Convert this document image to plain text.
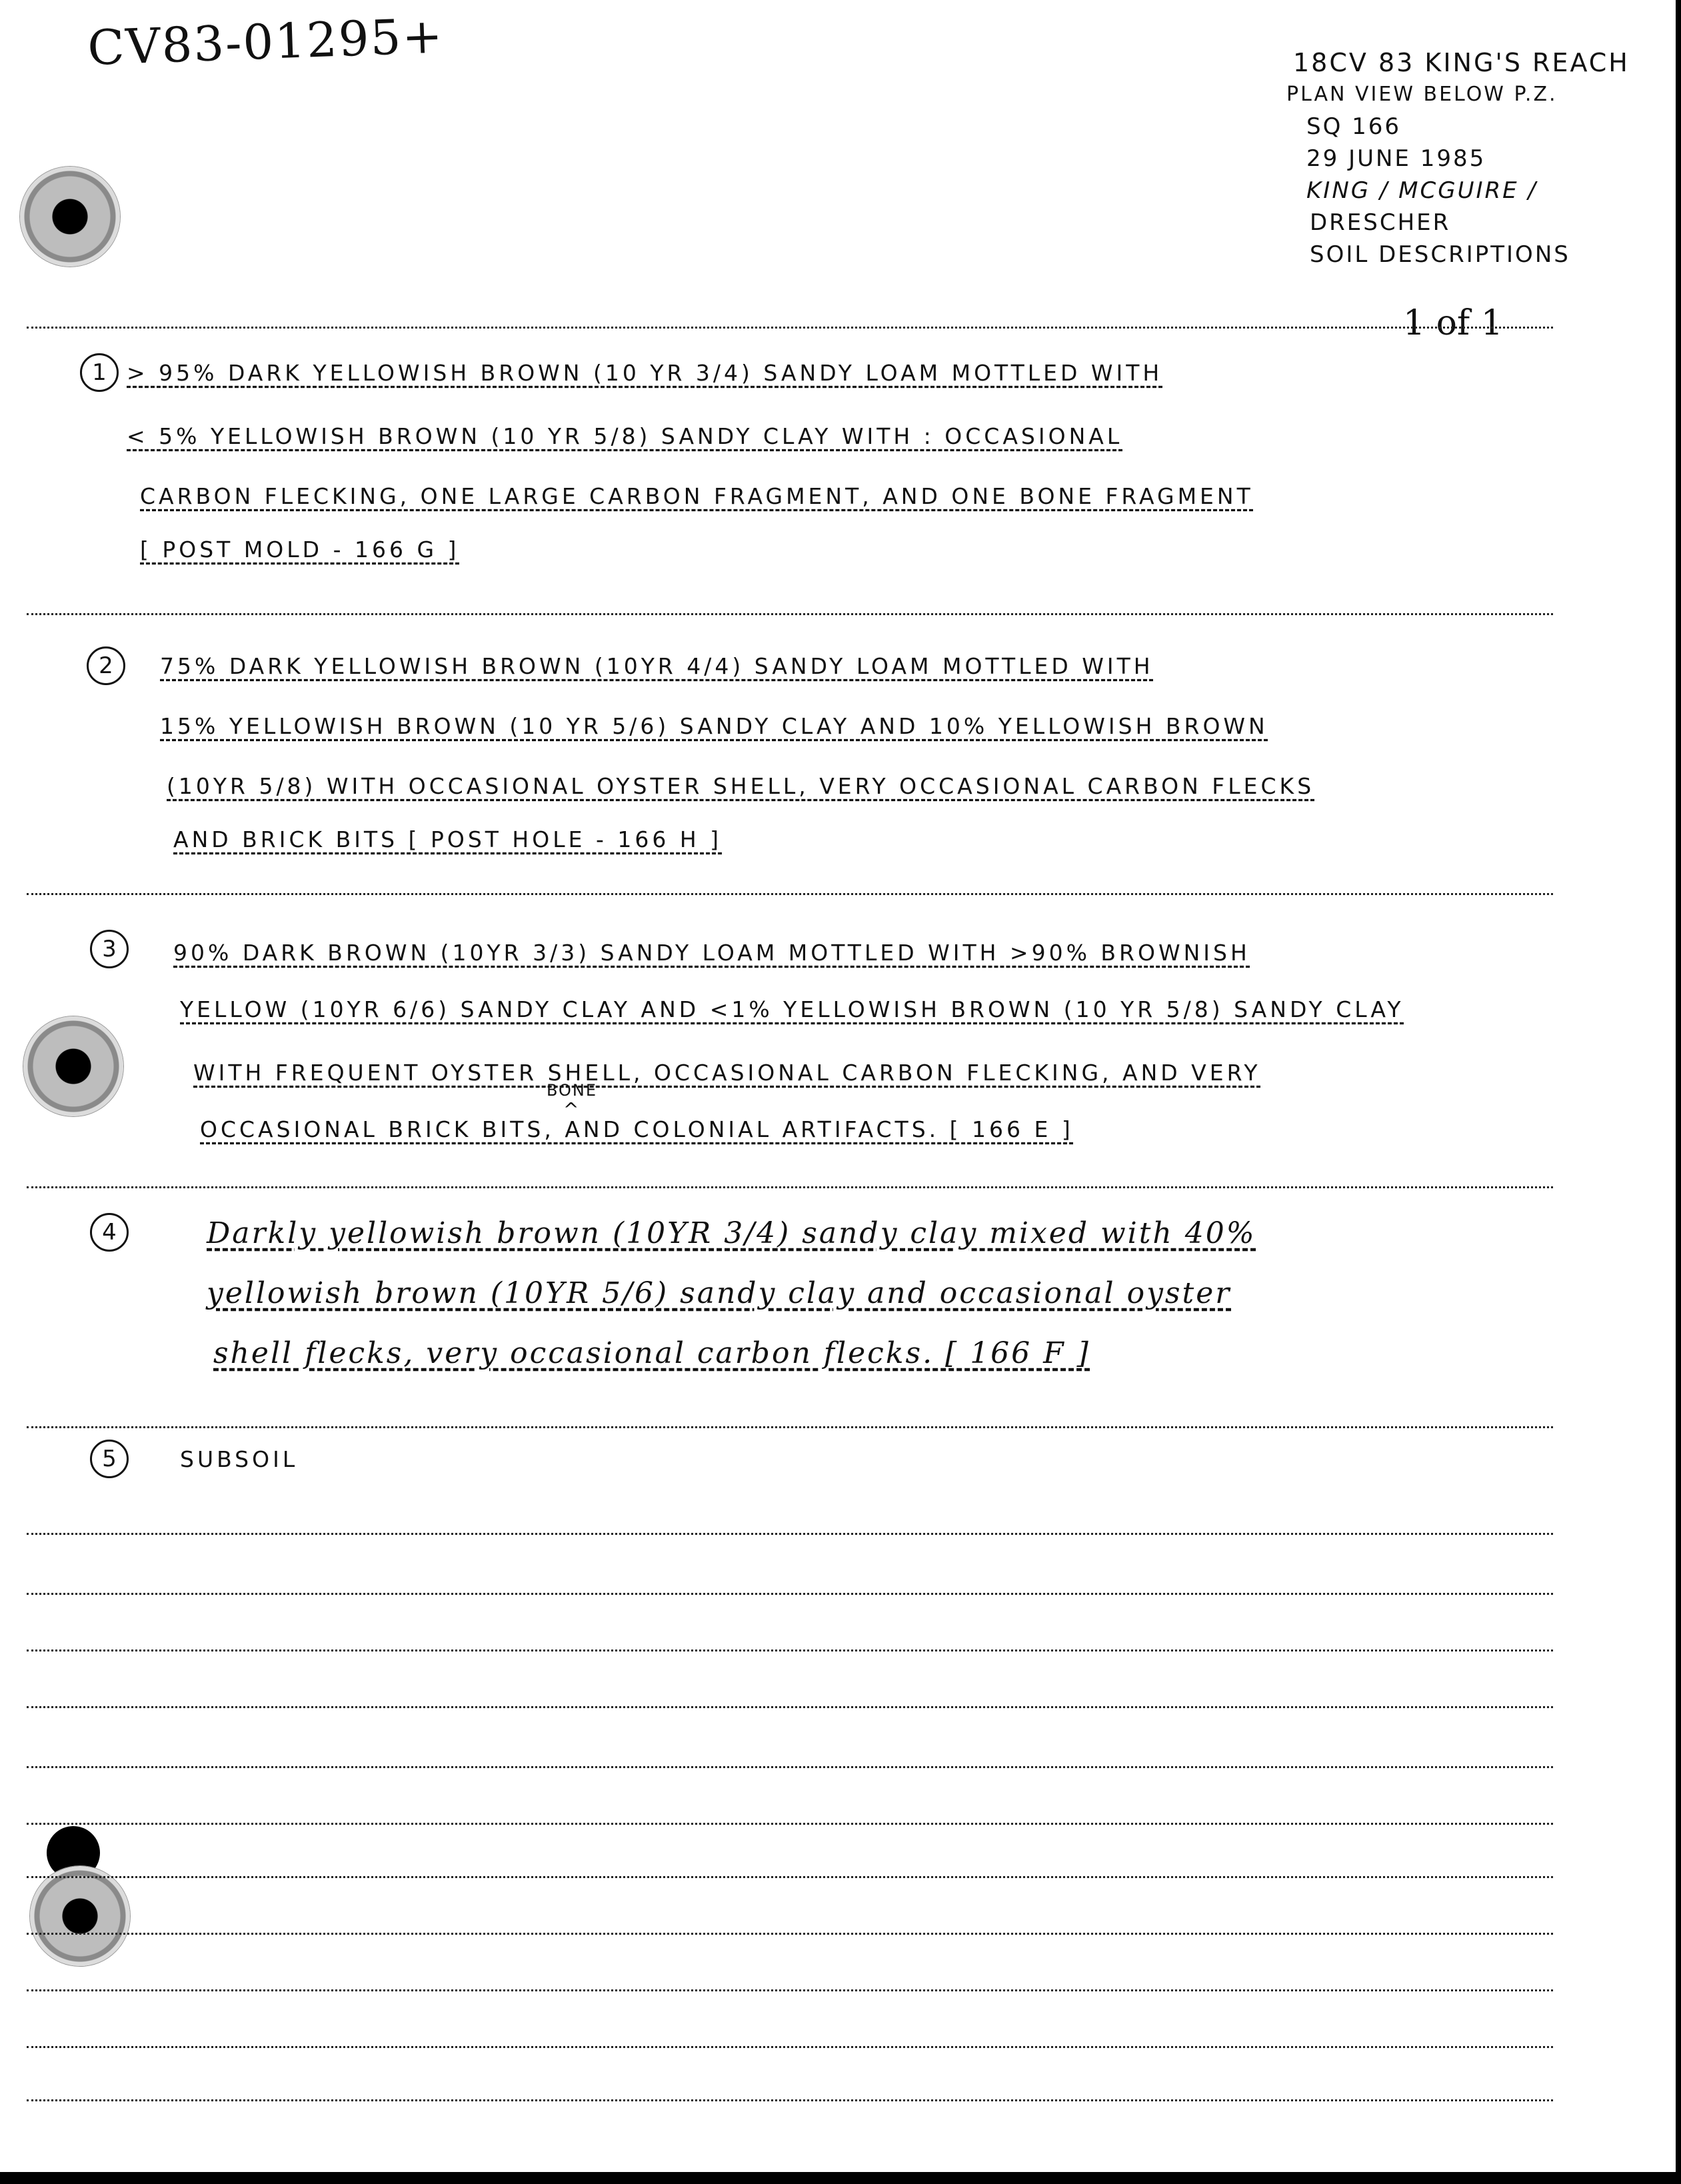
CV83-01295+	18CV 83 KING'S REACH
PLAN VIEW BELOW P.Z.
SQ 166
29 JUNE 1985
KING / MCGUIRE /
DRESCHER
SOIL DESCRIPTIONS
1 of 1
1 > 95% DARK YELLOWISH BROWN (10 YR 3/4) SANDY LOAM MOTTLED WITH
< 5% YELLOWISH BROWN (10 YR 5/8) SANDY CLAY WITH : OCCASIONAL
CARBON FLECKING, ONE LARGE CARBON FRAGMENT, AND ONE BONE FRAGMENT
[ POST MOLD - 166 G ]
2	75% DARK YELLOWISH BROWN (10YR 4/4) SANDY LOAM MOTTLED WITH
15% YELLOWISH BROWN (10 YR 5/6) SANDY CLAY AND 10% YELLOWISH BROWN
(10YR 5/8) WITH OCCASIONAL OYSTER SHELL, VERY OCCASIONAL CARBON FLECKS
AND BRICK BITS [ POST HOLE - 166 H ]
3	90% DARK BROWN (10YR 3/3) SANDY LOAM MOTTLED WITH >90% BROWNISH
YELLOW (10YR 6/6) SANDY CLAY AND <1% YELLOWISH BROWN (10 YR 5/8) SANDY CLAY
WITH FREQUENT OYSTER SHELL, OCCASIONAL CARBON FLECKING, AND VERY
BONE
^
OCCASIONAL BRICK BITS, AND COLONIAL ARTIFACTS. [ 166 E ]
4	Darkly yellowish brown (10YR 3/4) sandy clay mixed with 40%
yellowish brown (10YR 5/6) sandy clay and occasional oyster
shell flecks, very occasional carbon flecks. [ 166 F ]
5	SUBSOIL
